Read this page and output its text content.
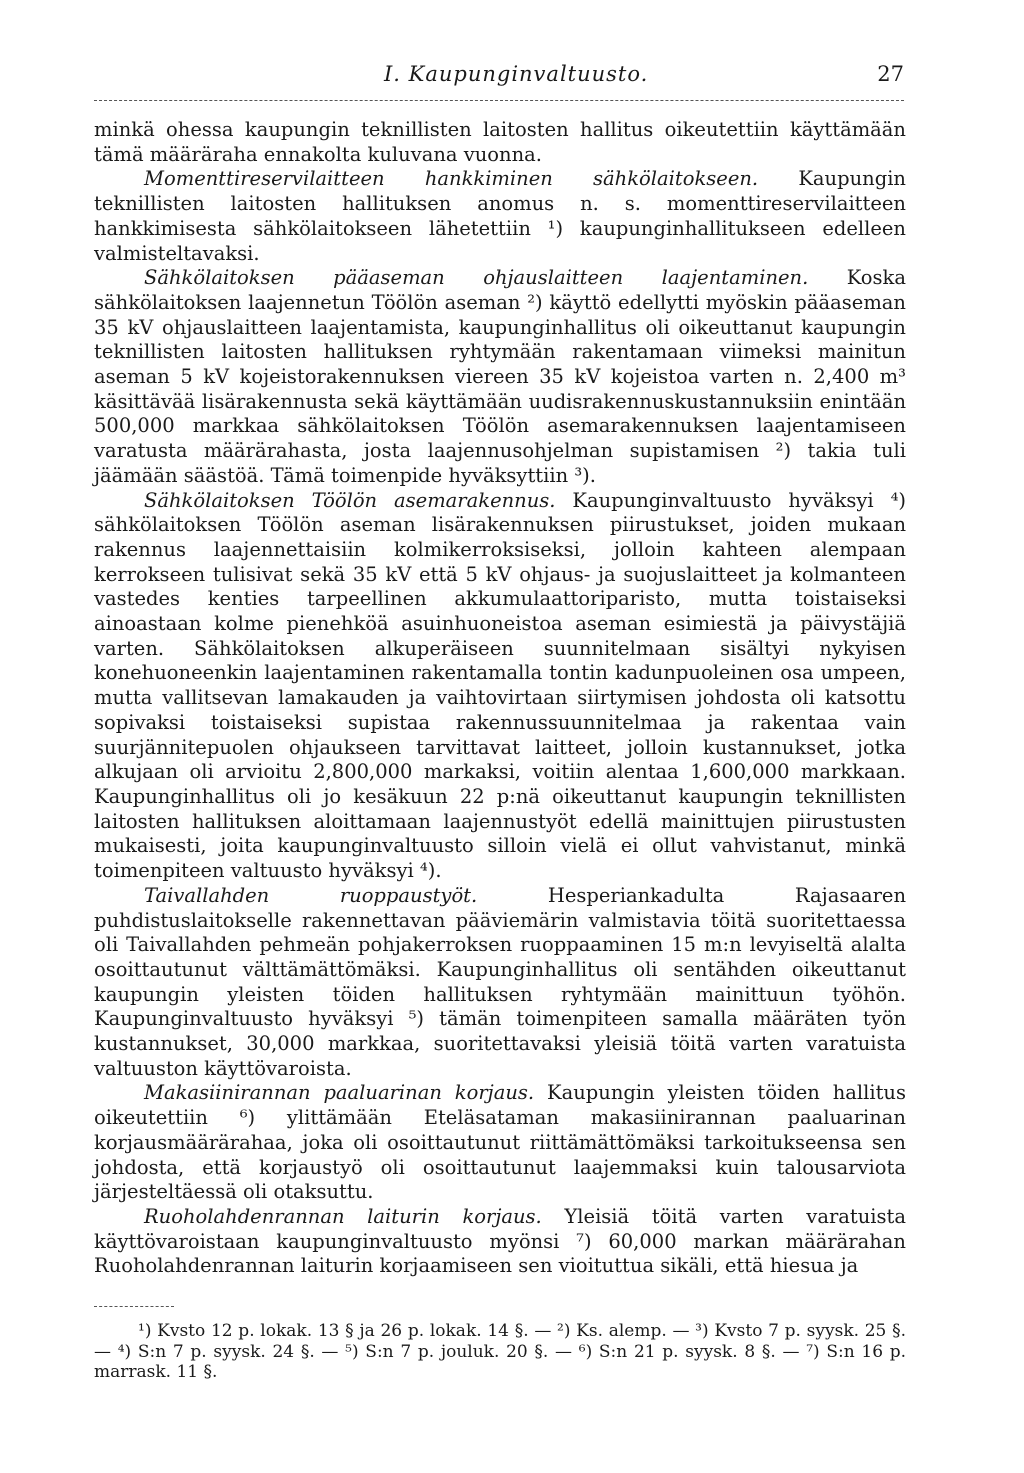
I. Kaupunginvaltuusto.	27

minkä ohessa kaupungin teknillisten laitosten hallitus oikeutettiin käyttämään tämä määräraha ennakolta kuluvana vuonna.

Momenttireservilaitteen hankkiminen sähkölaitokseen. Kaupungin teknillisten laitosten hallituksen anomus n. s. momenttireservilaitteen hankkimisesta sähkölaitokseen lähetettiin ¹) kaupunginhallitukseen edelleen valmisteltavaksi.

Sähkölaitoksen pääaseman ohjauslaitteen laajentaminen. Koska sähkölaitoksen laajennetun Töölön aseman ²) käyttö edellytti myöskin pääaseman 35 kV ohjauslaitteen laajentamista, kaupunginhallitus oli oikeuttanut kaupungin teknillisten laitosten hallituksen ryhtymään rakentamaan viimeksi mainitun aseman 5 kV kojeistorakennuksen viereen 35 kV kojeistoa varten n. 2,400 m³ käsittävää lisärakennusta sekä käyttämään uudisrakennuskustannuksiin enintään 500,000 markkaa sähkölaitoksen Töölön asemarakennuksen laajentamiseen varatusta määrärahasta, josta laajennusohjelman supistamisen ²) takia tuli jäämään säästöä. Tämä toimenpide hyväksyttiin ³).

Sähkölaitoksen Töölön asemarakennus. Kaupunginvaltuusto hyväksyi ⁴) sähkölaitoksen Töölön aseman lisärakennuksen piirustukset, joiden mukaan rakennus laajennettaisiin kolmikerroksiseksi, jolloin kahteen alempaan kerrokseen tulisivat sekä 35 kV että 5 kV ohjaus- ja suojuslaitteet ja kolmanteen vastedes kenties tarpeellinen akkumulaattoriparisto, mutta toistaiseksi ainoastaan kolme pienehköä asuinhuoneistoa aseman esimiestä ja päivystäjiä varten. Sähkölaitoksen alkuperäiseen suunnitelmaan sisältyi nykyisen konehuoneenkin laajentaminen rakentamalla tontin kadunpuoleinen osa umpeen, mutta vallitsevan lamakauden ja vaihtovirtaan siirtymisen johdosta oli katsottu sopivaksi toistaiseksi supistaa rakennussuunnitelmaa ja rakentaa vain suurjännitepuolen ohjaukseen tarvittavat laitteet, jolloin kustannukset, jotka alkujaan oli arvioitu 2,800,000 markaksi, voitiin alentaa 1,600,000 markkaan. Kaupunginhallitus oli jo kesäkuun 22 p:nä oikeuttanut kaupungin teknillisten laitosten hallituksen aloittamaan laajennustyöt edellä mainittujen piirustusten mukaisesti, joita kaupunginvaltuusto silloin vielä ei ollut vahvistanut, minkä toimenpiteen valtuusto hyväksyi ⁴).

Taivallahden ruoppaustyöt. Hesperiankadulta Rajasaaren puhdistuslaitokselle rakennettavan pääviemärin valmistavia töitä suoritettaessa oli Taivallahden pehmeän pohjakerroksen ruoppaaminen 15 m:n levyiseltä alalta osoittautunut välttämättömäksi. Kaupunginhallitus oli sentähden oikeuttanut kaupungin yleisten töiden hallituksen ryhtymään mainittuun työhön. Kaupunginvaltuusto hyväksyi ⁵) tämän toimenpiteen samalla määräten työn kustannukset, 30,000 markkaa, suoritettavaksi yleisiä töitä varten varatuista valtuuston käyttövaroista.

Makasiinirannan paaluarinan korjaus. Kaupungin yleisten töiden hallitus oikeutettiin ⁶) ylittämään Eteläsataman makasiinirannan paaluarinan korjausmäärärahaa, joka oli osoittautunut riittämättömäksi tarkoitukseensa sen johdosta, että korjaustyö oli osoittautunut laajemmaksi kuin talousarviota järjesteltäessä oli otaksuttu.

Ruoholahdenrannan laiturin korjaus. Yleisiä töitä varten varatuista käyttövaroistaan kaupunginvaltuusto myönsi ⁷) 60,000 markan määrärahan Ruoholahdenrannan laiturin korjaamiseen sen vioituttua sikäli, että hiesua ja

¹) Kvsto 12 p. lokak. 13 § ja 26 p. lokak. 14 §. — ²) Ks. alemp. — ³) Kvsto 7 p. syysk. 25 §. — ⁴) S:n 7 p. syysk. 24 §. — ⁵) S:n 7 p. jouluk. 20 §. — ⁶) S:n 21 p. syysk. 8 §. — ⁷) S:n 16 p. marrask. 11 §.
